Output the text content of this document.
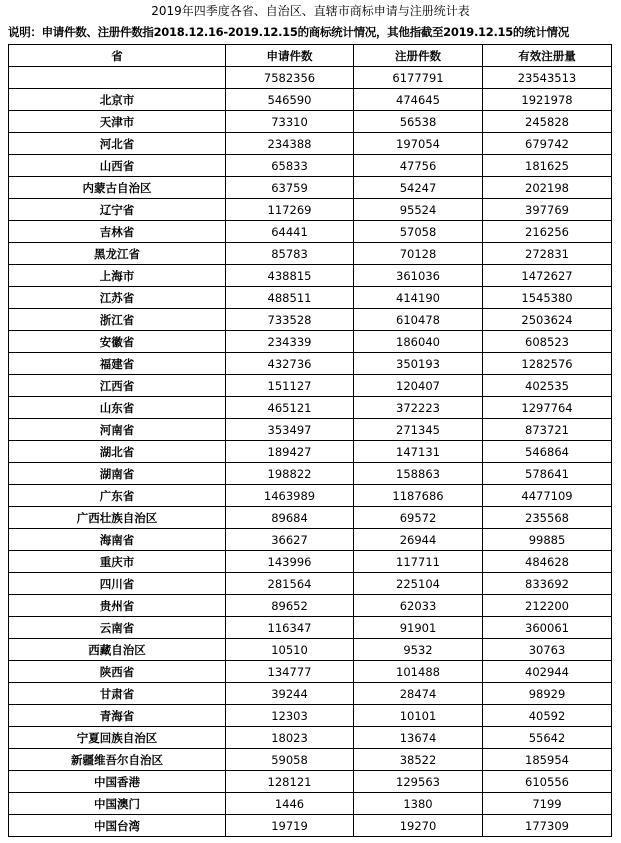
2019年四季度各省、自治区、直辖市商标申请与注册统计表
说明：申请件数、注册件数指2018.12.16-2019.12.15的商标统计情况，其他指截至2019.12.15的统计情况
省	申请件数	注册件数	有效注册量
	7582356	6177791	23543513
北京市	546590	474645	1921978
天津市	73310	56538	245828
河北省	234388	197054	679742
山西省	65833	47756	181625
内蒙古自治区	63759	54247	202198
辽宁省	117269	95524	397769
吉林省	64441	57058	216256
黑龙江省	85783	70128	272831
上海市	438815	361036	1472627
江苏省	488511	414190	1545380
浙江省	733528	610478	2503624
安徽省	234339	186040	608523
福建省	432736	350193	1282576
江西省	151127	120407	402535
山东省	465121	372223	1297764
河南省	353497	271345	873721
湖北省	189427	147131	546864
湖南省	198822	158863	578641
广东省	1463989	1187686	4477109
广西壮族自治区	89684	69572	235568
海南省	36627	26944	99885
重庆市	143996	117711	484628
四川省	281564	225104	833692
贵州省	89652	62033	212200
云南省	116347	91901	360061
西藏自治区	10510	9532	30763
陕西省	134777	101488	402944
甘肃省	39244	28474	98929
青海省	12303	10101	40592
宁夏回族自治区	18023	13674	55642
新疆维吾尔自治区	59058	38522	185954
中国香港	128121	129563	610556
中国澳门	1446	1380	7199
中国台湾	19719	19270	177309
